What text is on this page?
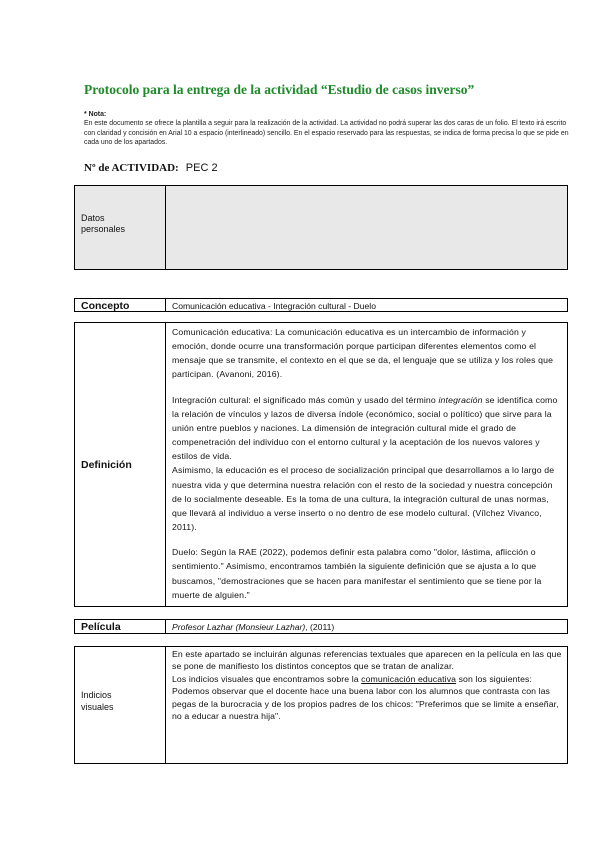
Protocolo para la entrega de la actividad “Estudio de casos inverso”
* Nota:
En este documento se ofrece la plantilla a seguir para la realización de la actividad. La actividad no podrá superar las dos caras de un folio. El texto irá escrito con claridad y concisión en Arial 10 a espacio (interlineado) sencillo. En el espacio reservado para las respuestas, se indica de forma precisa lo que se pide en cada uno de los apartados.
Nº de ACTIVIDAD: PEC 2
Datos
personales
Concepto	Comunicación educativa - Integración cultural - Duelo
Definición

Comunicación educativa: La comunicación educativa es un intercambio de información y emoción, donde ocurre una transformación porque participan diferentes elementos como el mensaje que se transmite, el contexto en el que se da, el lenguaje que se utiliza y los roles que participan. (Avanoni, 2016).

Integración cultural: el significado más común y usado del término integración se identifica como la relación de vínculos y lazos de diversa índole (económico, social o político) que sirve para la unión entre pueblos y naciones. La dimensión de integración cultural mide el grado de compenetración del individuo con el entorno cultural y la aceptación de los nuevos valores y estilos de vida.

Asimismo, la educación es el proceso de socialización principal que desarrollamos a lo largo de nuestra vida y que determina nuestra relación con el resto de la sociedad y nuestra concepción de lo socialmente deseable. Es la toma de una cultura, la integración cultural de unas normas, que llevará al individuo a verse inserto o no dentro de ese modelo cultural. (Vílchez Vivanco, 2011).

Duelo: Según la RAE (2022), podemos definir esta palabra como "dolor, lástima, aflicción o sentimiento." Asimismo, encontramos también la siguiente definición que se ajusta a lo que buscamos, "demostraciones que se hacen para manifestar el sentimiento que se tiene por la muerte de alguien."

Película	Profesor Lazhar (Monsieur Lazhar), (2011)
Indicios
visuales

En este apartado se incluirán algunas referencias textuales que aparecen en la película en las que se pone de manifiesto los distintos conceptos que se tratan de analizar.

Los indicios visuales que encontramos sobre la comunicación educativa son los siguientes:

Podemos observar que el docente hace una buena labor con los alumnos que contrasta con las pegas de la burocracia y de los propios padres de los chicos: "Preferimos que se limite a enseñar, no a educar a nuestra hija".
